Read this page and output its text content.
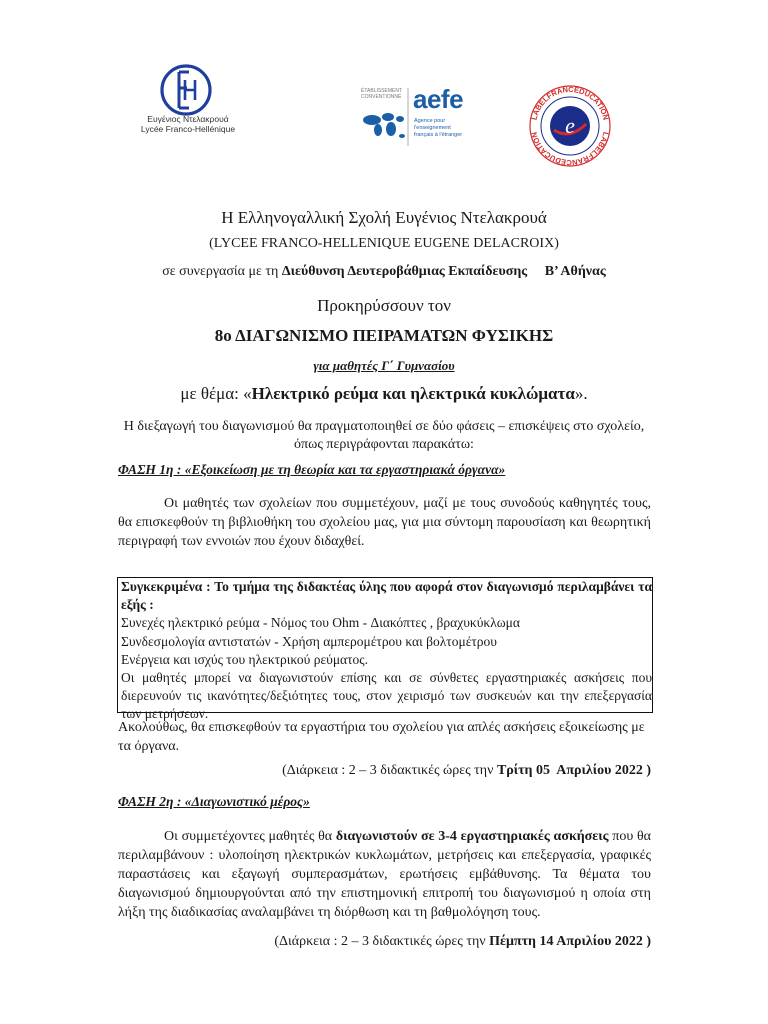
Ευγένιος Ντελακρουά
Lycée Franco-Hellénique
ÉTABLISSEMENT CONVENTIONNÉ aefe
Agence pour l'enseignement français à l'étranger	e
LABELFRANCÉDUCATION
LABELFRANCÉDUCATION
Η Ελληνογαλλική Σχολή Ευγένιος Ντελακρουά
(LYCEE FRANCO-HELLENIQUE EUGENE DELACROIX)
σε συνεργασία με τη Διεύθυνση Δευτεροβάθμιας Εκπαίδευσης     Β’ Αθήνας
Προκηρύσσουν τον
8ο ΔΙΑΓΩΝΙΣΜΟ ΠΕΙΡΑΜΑΤΩΝ ΦΥΣΙΚΗΣ
για μαθητές Γ΄ Γυμνασίου
με θέμα: «Ηλεκτρικό ρεύμα και ηλεκτρικά κυκλώματα».
Η διεξαγωγή του διαγωνισμού θα πραγματοποιηθεί σε δύο φάσεις – επισκέψεις στο σχολείο, όπως περιγράφονται παρακάτω:
ΦΑΣΗ 1η : «Εξοικείωση με τη θεωρία και τα εργαστηριακά όργανα»
Οι μαθητές των σχολείων που συμμετέχουν, μαζί με τους συνοδούς καθηγητές τους, θα επισκεφθούν τη βιβλιοθήκη του σχολείου μας, για μια σύντομη παρουσίαση και θεωρητική περιγραφή των εννοιών που έχουν διδαχθεί.
Συγκεκριμένα : Το τμήμα της διδακτέας ύλης που αφορά στον διαγωνισμό περιλαμβάνει τα εξής :
Συνεχές ηλεκτρικό ρεύμα - Νόμος του Ohm - Διακόπτες , βραχυκύκλωμα
Συνδεσμολογία αντιστατών - Χρήση αμπερομέτρου και βολτομέτρου
Ενέργεια και ισχύς του ηλεκτρικού ρεύματος.
Οι μαθητές μπορεί να διαγωνιστούν επίσης και σε σύνθετες εργαστηριακές ασκήσεις που διερευνούν τις ικανότητες/δεξιότητες τους, στον χειρισμό των συσκευών και την επεξεργασία των μετρήσεων.
Ακολούθως, θα επισκεφθούν τα εργαστήρια του σχολείου για απλές ασκήσεις εξοικείωσης με τα όργανα.
(Διάρκεια : 2 – 3 διδακτικές ώρες την Τρίτη 05  Απριλίου 2022 )
ΦΑΣΗ 2η : «Διαγωνιστικό μέρος»
Οι συμμετέχοντες μαθητές θα διαγωνιστούν σε 3-4 εργαστηριακές ασκήσεις που θα περιλαμβάνουν : υλοποίηση ηλεκτρικών κυκλωμάτων, μετρήσεις και επεξεργασία, γραφικές παραστάσεις και εξαγωγή συμπερασμάτων, ερωτήσεις εμβάθυνσης. Τα θέματα του διαγωνισμού δημιουργούνται από την επιστημονική επιτροπή του διαγωνισμού η οποία στη λήξη της διαδικασίας αναλαμβάνει τη διόρθωση και τη βαθμολόγηση τους.
(Διάρκεια : 2 – 3 διδακτικές ώρες την Πέμπτη 14 Απριλίου 2022 )
